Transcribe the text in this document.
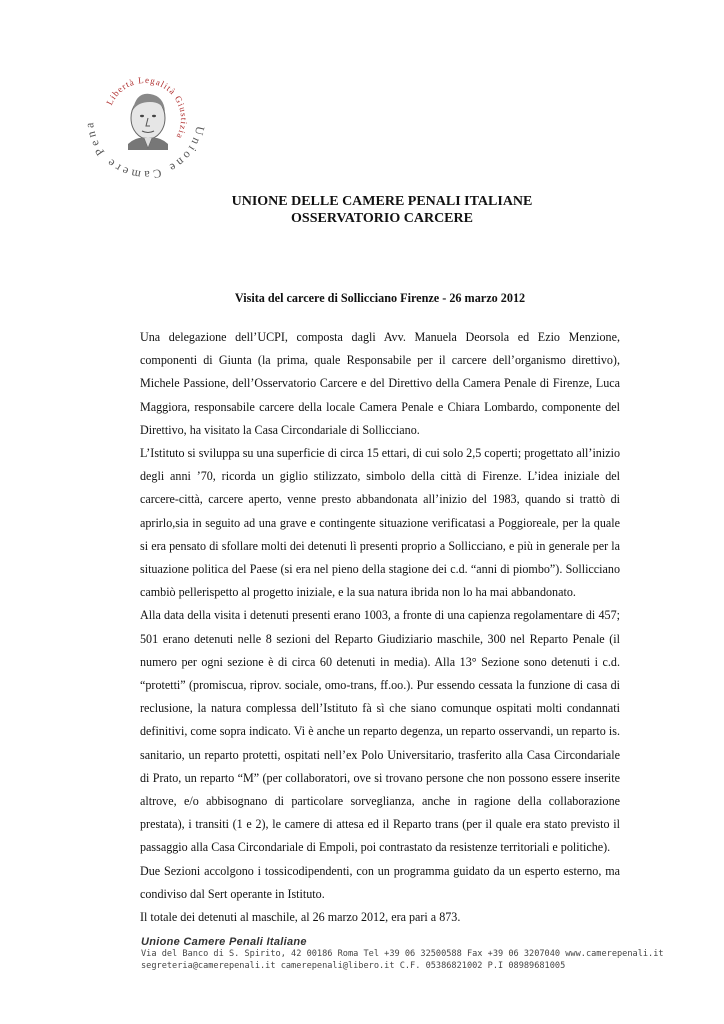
Unione Camere Pena
Libertà Legalità Giustizia
UNIONE DELLE CAMERE PENALI ITALIANE
OSSERVATORIO CARCERE
Visita del carcere di Sollicciano Firenze - 26 marzo 2012

Una delegazione dell’UCPI, composta dagli Avv. Manuela Deorsola ed Ezio Menzione, componenti di Giunta (la prima, quale Responsabile per il carcere dell’organismo direttivo), Michele Passione, dell’Osservatorio Carcere e del Direttivo della Camera Penale di Firenze, Luca Maggiora, responsabile carcere della locale Camera Penale e Chiara Lombardo, componente del Direttivo, ha visitato la Casa Circondariale di Sollicciano.

L’Istituto si sviluppa su una superficie di circa 15 ettari, di cui solo 2,5 coperti; progettato all’inizio degli anni ’70, ricorda un giglio stilizzato, simbolo della città di Firenze. L’idea iniziale del carcere-città, carcere aperto, venne presto abbandonata all’inizio del 1983, quando si trattò di aprirlo,sia in seguito ad una grave e contingente situazione verificatasi a Poggioreale, per la quale si era pensato di sfollare molti dei detenuti lì presenti proprio a Sollicciano, e più in generale per la situazione politica del Paese (si era nel pieno della stagione dei c.d. “anni di piombo”). Sollicciano cambiò pellerispetto al progetto iniziale, e la sua natura ibrida non lo ha mai abbandonato.

Alla data della visita i detenuti presenti erano 1003, a fronte di una capienza regolamentare di 457; 501 erano detenuti nelle 8 sezioni del Reparto Giudiziario maschile, 300 nel Reparto Penale (il numero per ogni sezione è di circa 60 detenuti in media). Alla 13° Sezione sono detenuti i c.d. “protetti” (promiscua, riprov. sociale, omo-trans, ff.oo.). Pur essendo cessata la funzione di casa di reclusione, la natura complessa dell’Istituto fà sì che siano comunque ospitati molti condannati definitivi, come sopra indicato. Vi è anche un reparto degenza, un reparto osservandi, un reparto is. sanitario, un reparto protetti, ospitati nell’ex Polo Universitario, trasferito alla Casa Circondariale di Prato, un reparto “M” (per collaboratori, ove si trovano persone che non possono essere inserite altrove, e/o abbisognano di particolare sorveglianza, anche in ragione della collaborazione prestata), i transiti (1 e 2), le camere di attesa ed il Reparto trans (per il quale era stato previsto il passaggio alla Casa Circondariale di Empoli, poi contrastato da resistenze territoriali e politiche).

Due Sezioni accolgono i tossicodipendenti, con un programma guidato da un esperto esterno, ma condiviso dal Sert operante in Istituto.

Il totale dei detenuti al maschile, al 26 marzo 2012, era pari a 873.

Unione Camere Penali Italiane
Via del Banco di S. Spirito, 42 00186 Roma Tel +39 06 32500588 Fax +39 06 3207040 www.camerepenali.it
segreteria@camerepenali.it camerepenali@libero.it C.F. 05386821002 P.I 08989681005
